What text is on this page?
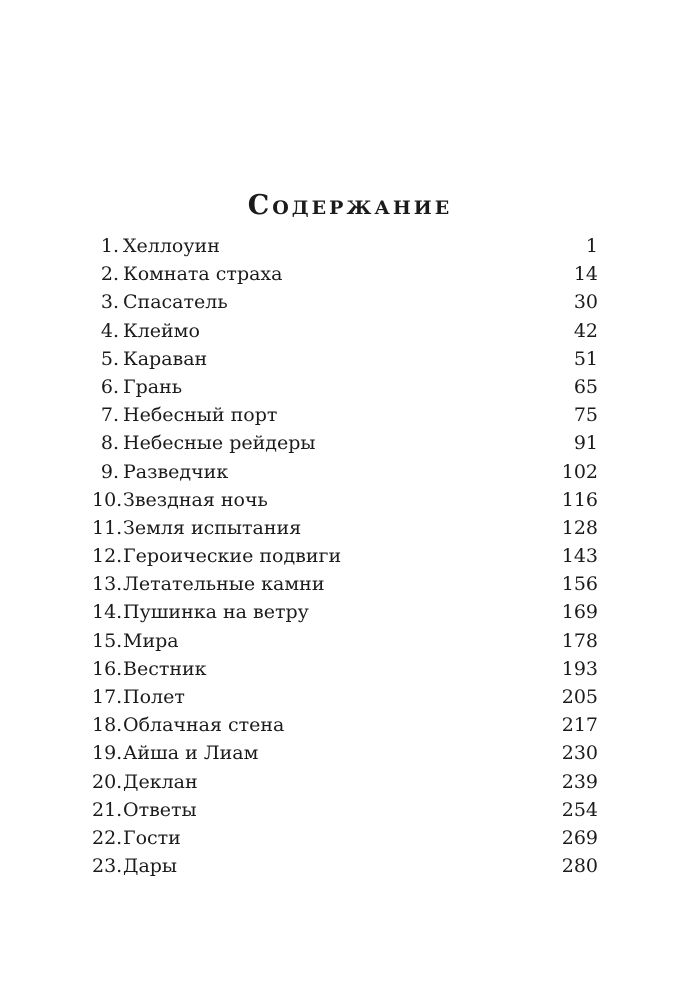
Содержание
1. Хеллоуин	1
2. Комната страха	14
3. Спасатель	30
4. Клеймо	42
5. Караван	51
6. Грань	65
7. Небесный порт	75
8. Небесные рейдеры	91
9. Разведчик	102
10. Звездная ночь	116
11. Земля испытания	128
12. Героические подвиги	143
13. Летательные камни	156
14. Пушинка на ветру	169
15. Мира	178
16. Вестник	193
17. Полет	205
18. Облачная стена	217
19. Айша и Лиам	230
20. Деклан	239
21. Ответы	254
22. Гости	269
23. Дары	280
